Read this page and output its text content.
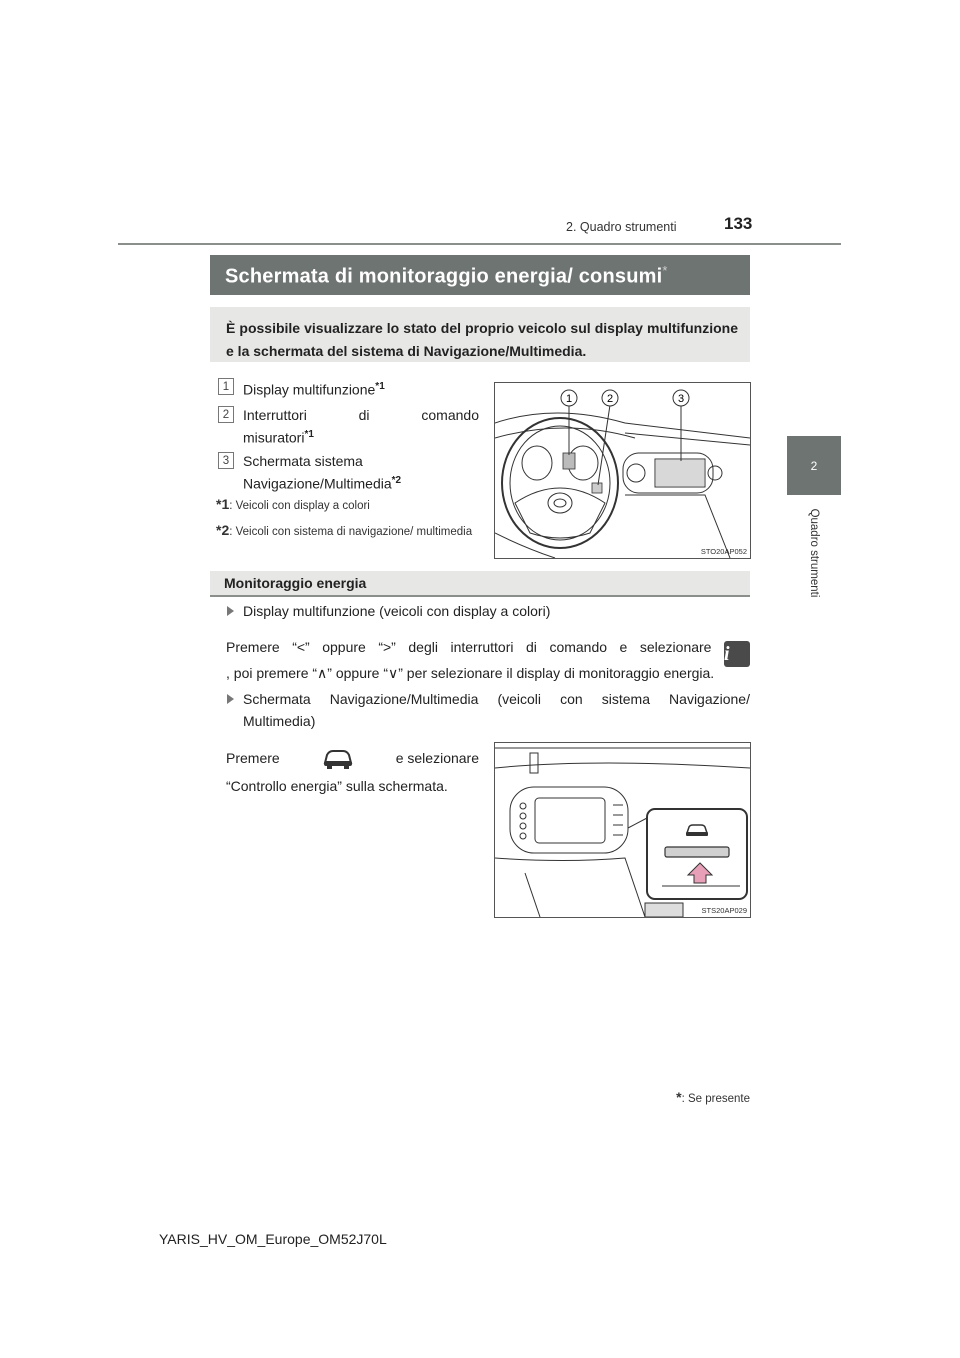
133
2. Quadro strumenti
2
Quadro strumenti
Schermata di monitoraggio energia/ consumi*

È possibile visualizzare lo stato del proprio veicolo sul display multifunzione e la schermata del sistema di Navigazione/Multimedia.

1 Display multifunzione$^{*1}$
2 Interruttori di comando
misuratori$^{*1}$
3 Schermata sistema
Navigazione/Multimedia$^{*2}$
*1: Veicoli con display a colori
*2: Veicoli con sistema di navigazione/ multimedia
1	2	3
STO20AP052
Monitoraggio energia
Display multifunzione (veicoli con display a colori)
Premere “<” oppure “>” degli interruttori di comando e selezionare i
, poi premere “∧” oppure “∨” per selezionare il display di monitoraggio energia.
Schermata Navigazione/Multimedia (veicoli con sistema Navigazione/ Multimedia)
Premere	e selezionare
“Controllo energia” sulla schermata.
STS20AP029
*: Se presente
YARIS_HV_OM_Europe_OM52J70L
